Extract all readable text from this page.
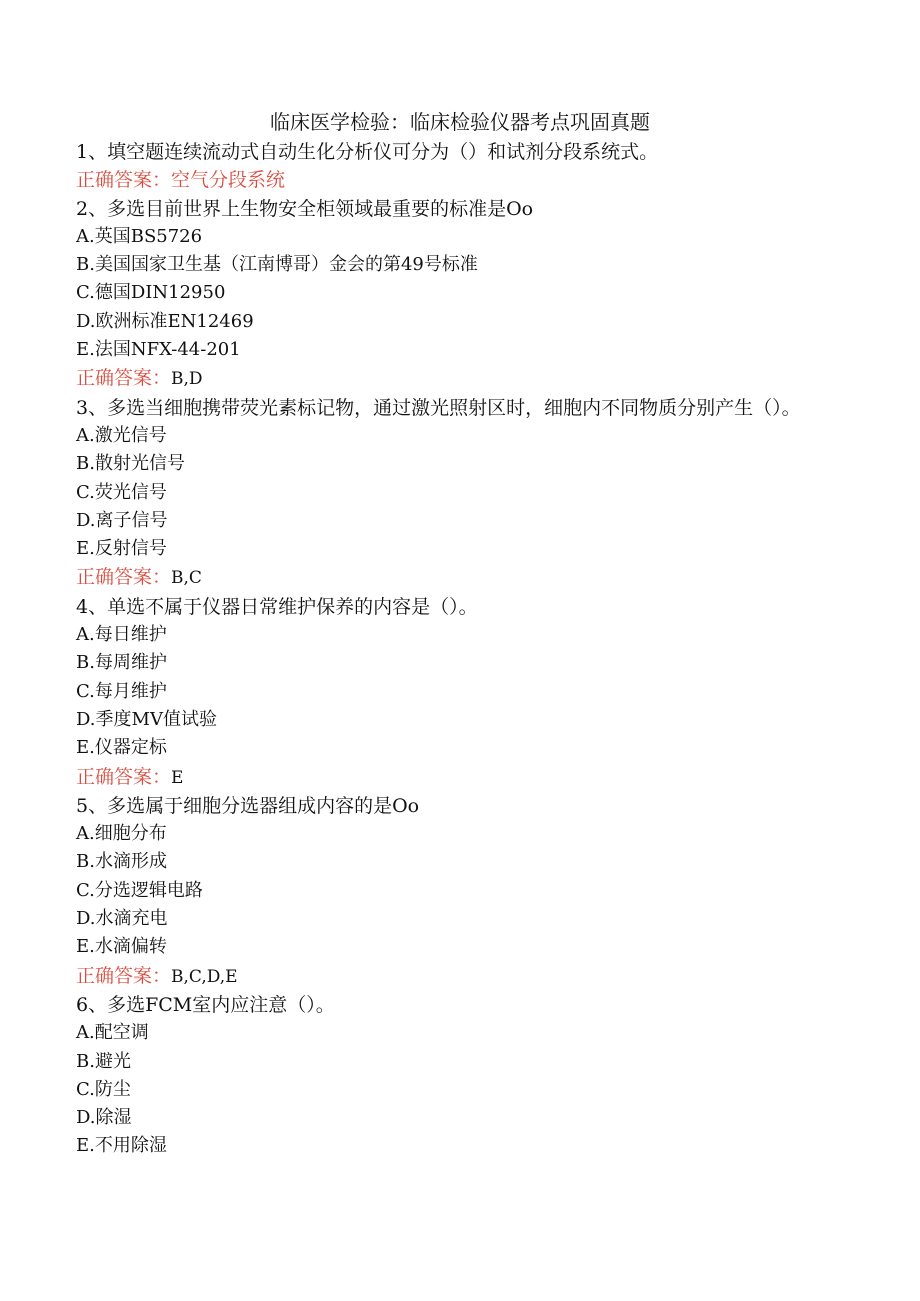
临床医学检验：临床检验仪器考点巩固真题
1、填空题连续流动式自动生化分析仪可分为（）和试剂分段系统式。
正确答案：空气分段系统
2、多选目前世界上生物安全柜领域最重要的标准是Oo
A.英国BS5726
B.美国国家卫生基（江南博哥）金会的第49号标准
C.德国DIN12950
D.欧洲标准EN12469
E.法国NFX-44-201
正确答案：B,D
3、多选当细胞携带荧光素标记物，通过激光照射区时，细胞内不同物质分别产生（）。
A.激光信号
B.散射光信号
C.荧光信号
D.离子信号
E.反射信号
正确答案：B,C
4、单选不属于仪器日常维护保养的内容是（）。
A.每日维护
B.每周维护
C.每月维护
D.季度MV值试验
E.仪器定标
正确答案：E
5、多选属于细胞分选器组成内容的是Oo
A.细胞分布
B.水滴形成
C.分选逻辑电路
D.水滴充电
E.水滴偏转
正确答案：B,C,D,E
6、多选FCM室内应注意（）。
A.配空调
B.避光
C.防尘
D.除湿
E.不用除湿
